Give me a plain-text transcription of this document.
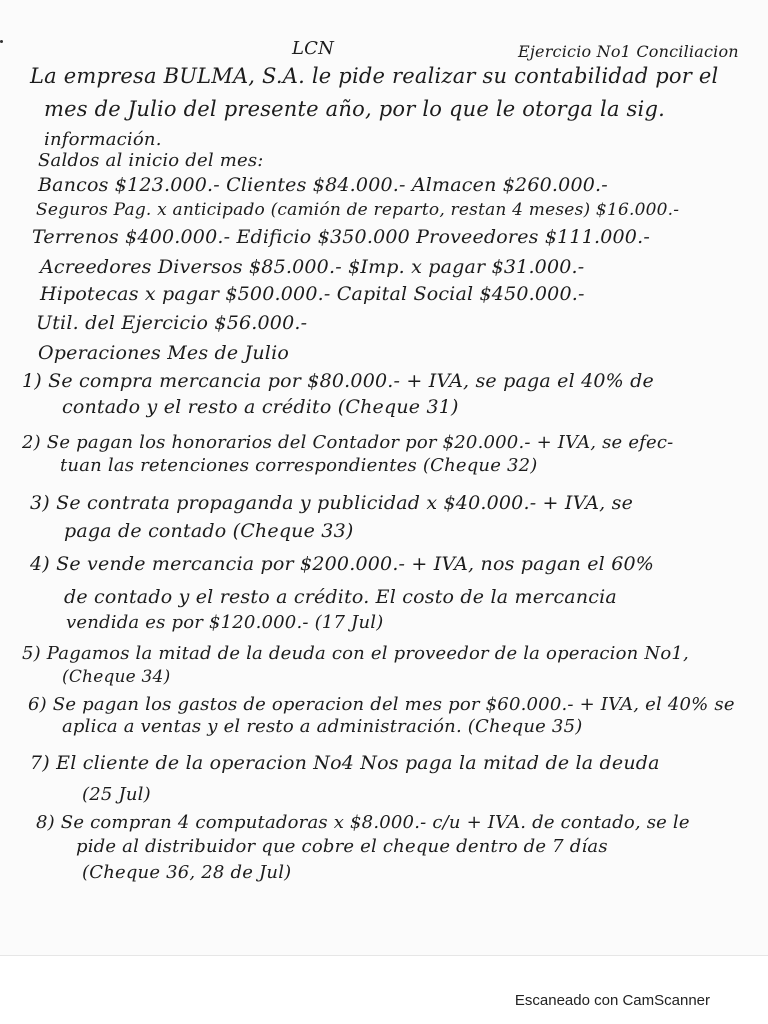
LCN	Ejercicio No1 Conciliacion
La empresa BULMA, S.A. le pide realizar su contabilidad por el
mes de Julio del presente año, por lo que le otorga la sig.
información.
Saldos al inicio del mes:
Bancos $123.000.- Clientes $84.000.- Almacen $260.000.-
Seguros Pag. x anticipado (camión de reparto, restan 4 meses) $16.000.-
Terrenos $400.000.- Edificio $350.000 Proveedores $111.000.-
Acreedores Diversos $85.000.- $Imp. x pagar $31.000.-
Hipotecas x pagar $500.000.- Capital Social $450.000.-
Util. del Ejercicio $56.000.-
Operaciones Mes de Julio
1) Se compra mercancia por $80.000.- + IVA, se paga el 40% de
contado y el resto a crédito (Cheque 31)
2) Se pagan los honorarios del Contador por $20.000.- + IVA, se efec-
tuan las retenciones correspondientes (Cheque 32)
3) Se contrata propaganda y publicidad x $40.000.- + IVA, se
paga de contado (Cheque 33)
4) Se vende mercancia por $200.000.- + IVA, nos pagan el 60%
de contado y el resto a crédito. El costo de la mercancia
vendida es por $120.000.- (17 Jul)
5) Pagamos la mitad de la deuda con el proveedor de la operacion No1,
(Cheque 34)
6) Se pagan los gastos de operacion del mes por $60.000.- + IVA, el 40% se
aplica a ventas y el resto a administración. (Cheque 35)
7) El cliente de la operacion No4 Nos paga la mitad de la deuda
(25 Jul)
8) Se compran 4 computadoras x $8.000.- c/u + IVA. de contado, se le
pide al distribuidor que cobre el cheque dentro de 7 días
(Cheque 36, 28 de Jul)
Escaneado con CamScanner
